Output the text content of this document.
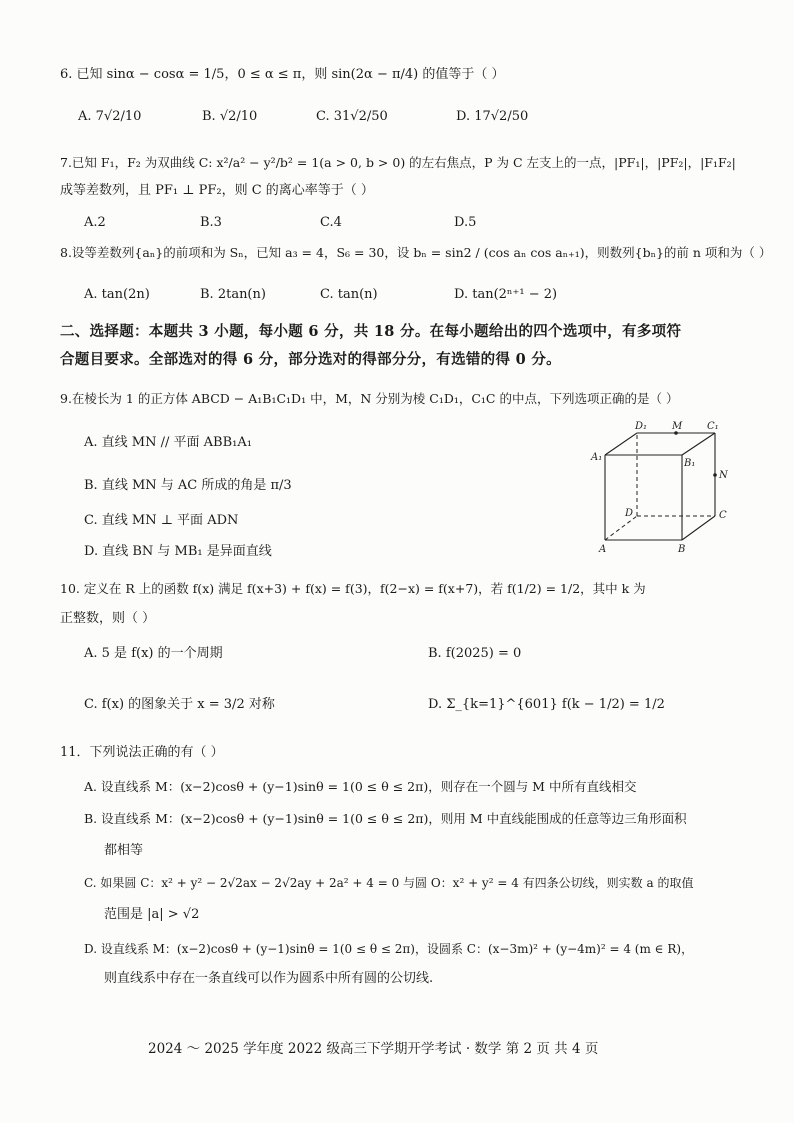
6. 已知 sinα − cosα = 1/5，0 ≤ α ≤ π，则 sin(2α − π/4) 的值等于（ ）
A. 7√2/10	B. √2/10	C. 31√2/50	D. 17√2/50
7.已知 F₁，F₂ 为双曲线 C: x²/a² − y²/b² = 1(a > 0, b > 0) 的左右焦点，P 为 C 左支上的一点，|PF₁|，|PF₂|，|F₁F₂|
成等差数列，且 PF₁ ⊥ PF₂，则 C 的离心率等于（ ）
A.2	B.3	C.4	D.5
8.设等差数列{aₙ}的前项和为 Sₙ，已知 a₃ = 4，S₆ = 30，设 bₙ = sin2 / (cos aₙ cos aₙ₊₁)，则数列{bₙ}的前 n 项和为（ ）
A. tan(2n)	B. 2tan(n)	C. tan(n)	D. tan(2ⁿ⁺¹ − 2)
二、选择题：本题共 3 小题，每小题 6 分，共 18 分。在每小题给出的四个选项中，有多项符
合题目要求。全部选对的得 6 分，部分选对的得部分分，有选错的得 0 分。
9.在棱长为 1 的正方体 ABCD − A₁B₁C₁D₁ 中，M，N 分别为棱 C₁D₁，C₁C 的中点，下列选项正确的是（ ）
A. 直线 MN // 平面 ABB₁A₁
B. 直线 MN 与 AC 所成的角是 π/3
C. 直线 MN ⊥ 平面 ADN
D. 直线 BN 与 MB₁ 是异面直线
D₁ M C₁
A₁
B₁
N
D	C
A	B
10. 定义在 R 上的函数 f(x) 满足 f(x+3) + f(x) = f(3)，f(2−x) = f(x+7)，若 f(1/2) = 1/2，其中 k 为
正整数，则（ ）
A. 5 是 f(x) 的一个周期	B. f(2025) = 0
C. f(x) 的图象关于 x = 3/2 对称	D. Σ_{k=1}^{601} f(k − 1/2) = 1/2
11．下列说法正确的有（ ）
A. 设直线系 M：(x−2)cosθ + (y−1)sinθ = 1(0 ≤ θ ≤ 2π)，则存在一个圆与 M 中所有直线相交
B. 设直线系 M：(x−2)cosθ + (y−1)sinθ = 1(0 ≤ θ ≤ 2π)，则用 M 中直线能围成的任意等边三角形面积
都相等
C. 如果圆 C：x² + y² − 2√2ax − 2√2ay + 2a² + 4 = 0 与圆 O：x² + y² = 4 有四条公切线，则实数 a 的取值
范围是 |a| > √2
D. 设直线系 M：(x−2)cosθ + (y−1)sinθ = 1(0 ≤ θ ≤ 2π)，设圆系 C：(x−3m)² + (y−4m)² = 4 (m ∈ R)，
则直线系中存在一条直线可以作为圆系中所有圆的公切线.
2024 ～ 2025 学年度 2022 级高三下学期开学考试 · 数学 第 2 页 共 4 页
